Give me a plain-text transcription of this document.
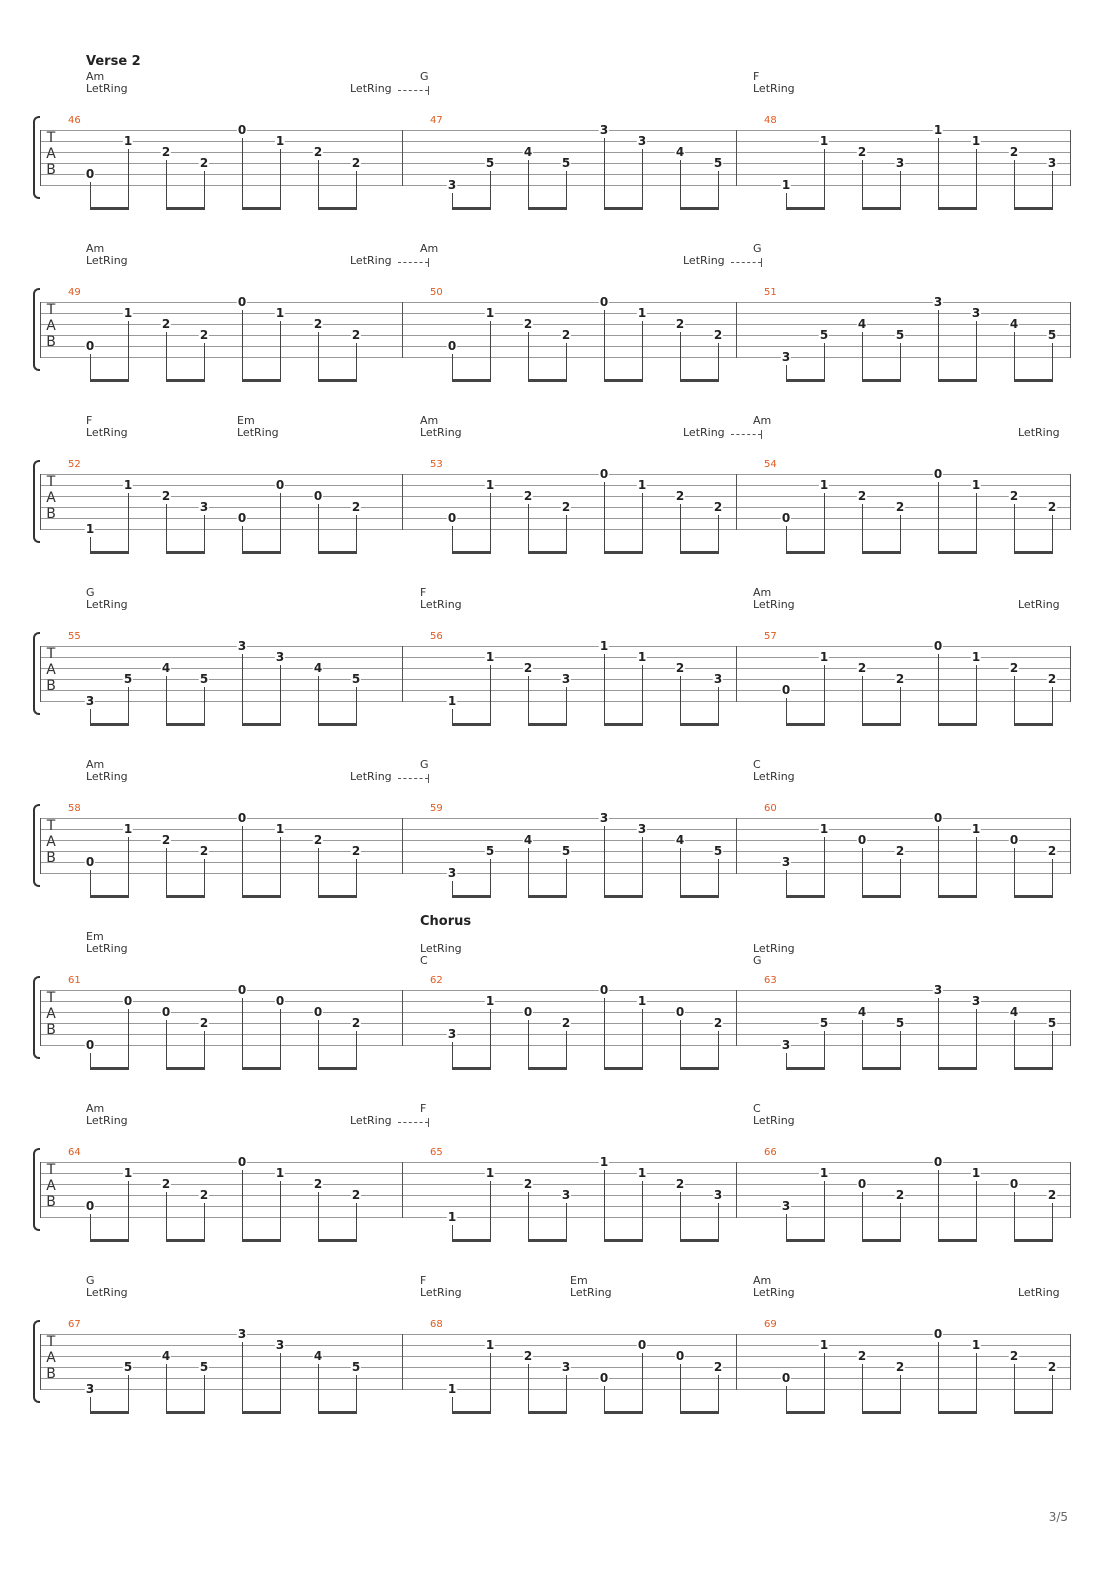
Verse 2
Am
LetRing
G
LetRing
F
LetRing
T
A
B
46
0
1
2
2
0
1
2
2
47
3
5
4
5
3
3
4
5
48
1
1
2
3
1
1
2
3
Am
LetRing
Am
LetRing
G
LetRing
T
A
B
49
0
1
2
2
0
1
2
2
50
0
1
2
2
0
1
2
2
51
3
5
4
5
3
3
4
5
F
LetRing
Em
LetRing
Am
LetRing
Am
LetRing	LetRing
T
A
B
52
1
1
2
3
0
0
0
2
53
0
1
2
2
0
1
2
2
54
0
1
2
2
0
1
2
2
G
LetRing
F
LetRing
Am
LetRing	LetRing
T
A
B
55
3
5
4
5
3
3
4
5
56
1
1
2
3
1
1
2
3
57
0
1
2
2
0
1
2
2
Am
LetRing
G
LetRing
C
LetRing
T
A
B
58
0
1
2
2
0
1
2
2
59
3
5
4
5
3
3
4
5
60
3
1
0
2
0
1
0
2
Chorus
Em
LetRing
C
LetRing
G
LetRing
T
A
B
61
0
0
0
2
0
0
0
2
62
3
1
0
2
0
1
0
2
63
3
5
4
5
3
3
4
5
Am
LetRing
F
LetRing
C
LetRing
T
A
B
64
0
1
2
2
0
1
2
2
65
1
1
2
3
1
1
2
3
66
3
1
0
2
0
1
0
2
G
LetRing
F
LetRing
Em
LetRing
Am
LetRing	LetRing
T
A
B
67
3
5
4
5
3
3
4
5
68
1
1
2
3
0
0
0
2
69
0
1
2
2
0
1
2
2
3/5
